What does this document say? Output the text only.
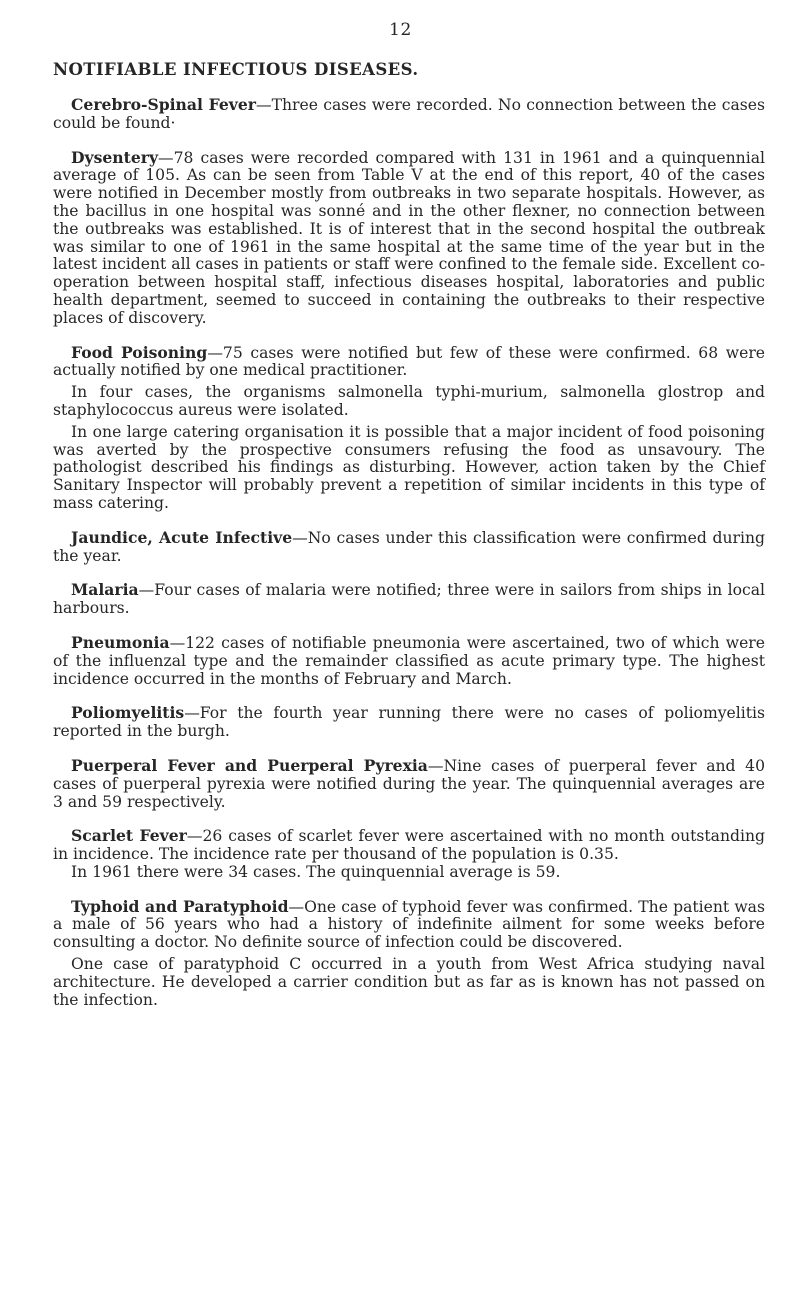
12
NOTIFIABLE INFECTIOUS DISEASES.

Cerebro-Spinal Fever—Three cases were recorded. No connection between the cases could be found·

Dysentery—78 cases were recorded compared with 131 in 1961 and a quinquennial average of 105. As can be seen from Table V at the end of this report, 40 of the cases were notified in December mostly from outbreaks in two separate hospitals. However, as the bacillus in one hospital was sonné and in the other flexner, no connection between the outbreaks was established. It is of interest that in the second hospital the outbreak was similar to one of 1961 in the same hospital at the same time of the year but in the latest incident all cases in patients or staff were confined to the female side. Excellent co-operation between hospital staff, infectious diseases hospital, laboratories and public health department, seemed to succeed in containing the outbreaks to their respective places of discovery.

Food Poisoning—75 cases were notified but few of these were confirmed. 68 were actually notified by one medical practitioner.

In four cases, the organisms salmonella typhi-murium, salmonella glostrop and staphylococcus aureus were isolated.

In one large catering organisation it is possible that a major incident of food poisoning was averted by the prospective consumers refusing the food as unsavoury. The pathologist described his findings as disturbing. However, action taken by the Chief Sanitary Inspector will probably prevent a repetition of similar incidents in this type of mass catering.

Jaundice, Acute Infective—No cases under this classification were confirmed during the year.

Malaria—Four cases of malaria were notified; three were in sailors from ships in local harbours.

Pneumonia—122 cases of notifiable pneumonia were ascertained, two of which were of the influenzal type and the remainder classified as acute primary type. The highest incidence occurred in the months of February and March.

Poliomyelitis—For the fourth year running there were no cases of poliomyelitis reported in the burgh.

Puerperal Fever and Puerperal Pyrexia—Nine cases of puerperal fever and 40 cases of puerperal pyrexia were notified during the year. The quinquennial averages are 3 and 59 respectively.

Scarlet Fever—26 cases of scarlet fever were ascertained with no month outstanding in incidence. The incidence rate per thousand of the population is 0.35.

In 1961 there were 34 cases. The quinquennial average is 59.

Typhoid and Paratyphoid—One case of typhoid fever was confirmed. The patient was a male of 56 years who had a history of indefinite ailment for some weeks before consulting a doctor. No definite source of infection could be discovered.

One case of paratyphoid C occurred in a youth from West Africa studying naval architecture. He developed a carrier condition but as far as is known has not passed on the infection.
